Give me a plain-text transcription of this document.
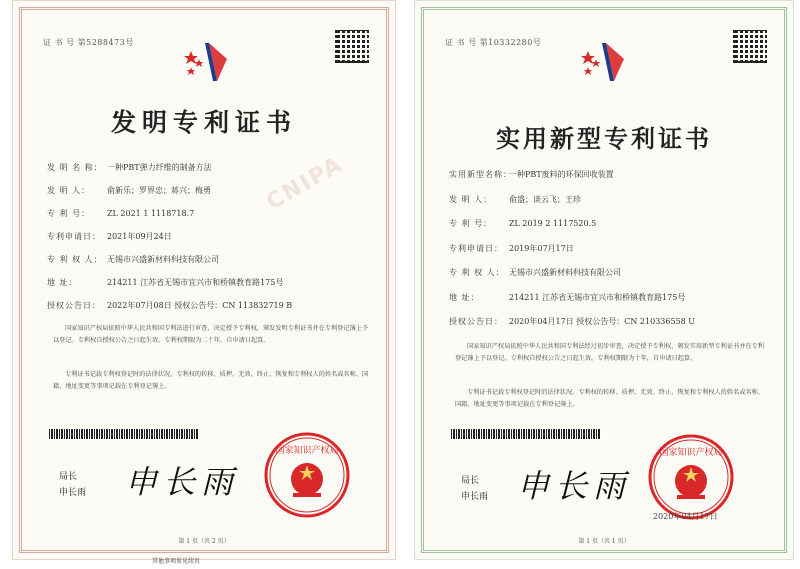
证 书 号 第5288473号
发明专利证书
CNIPA
发 明 名 称： 一种PBT弹力纤维的制备方法
发 明 人：	俞新乐；罗界忠；蒋兴；梅勇
专 利 号：	ZL 2021 1 1118718.7
专利申请日： 2021年09月24日
专 利 权 人： 无锡市兴盛新材料科技有限公司
地 址：	214211 江苏省无锡市宜兴市和桥镇教育路175号
授权公告日： 2022年07月08日 授权公告号：CN 113832719 B
国家知识产权局依照中华人民共和国专利法进行审查，决定授予专利权，颁发发明专利证书并在专利登记簿上予以登记。专利权自授权公告之日起生效。专利权期限为二十年，自申请日起算。
专利证书记载专利权登记时的法律状况。专利权的转移、质押、无效、终止、恢复和专利权人的姓名或名称、国籍、地址变更等事项记载在专利登记簿上。
局长
申长雨 申长雨
国家知识产权局
第 1 页（共 2 页）
其他事项参见续页
证 书 号 第10332280号
实用新型专利证书
实用新型名称：
一种PBT废料的环保回收装置
发 明 人：	俞盛；谈云飞；王珍
专 利 号：	ZL 2019 2 1117520.5
专利申请日： 2019年07月17日
专 利 权 人： 无锡市兴盛新材料科技有限公司
地 址：	214211 江苏省无锡市宜兴市和桥镇教育路175号
授权公告日： 2020年04月17日 授权公告号：CN 210336558 U
国家知识产权局依照中华人民共和国专利法经过初步审查，决定授予专利权，颁发实用新型专利证书并在专利登记簿上予以登记。专利权自授权公告之日起生效。专利权期限为十年，自申请日起算。
专利证书记载专利权登记时的法律状况。专利权的转移、质押、无效、终止、恢复和专利权人的姓名或名称、国籍、地址变更等事项记载在专利登记簿上。
局长
申长雨 申长雨
国家知识产权局
2020年04月17日
第 1 页（共 1 页）
